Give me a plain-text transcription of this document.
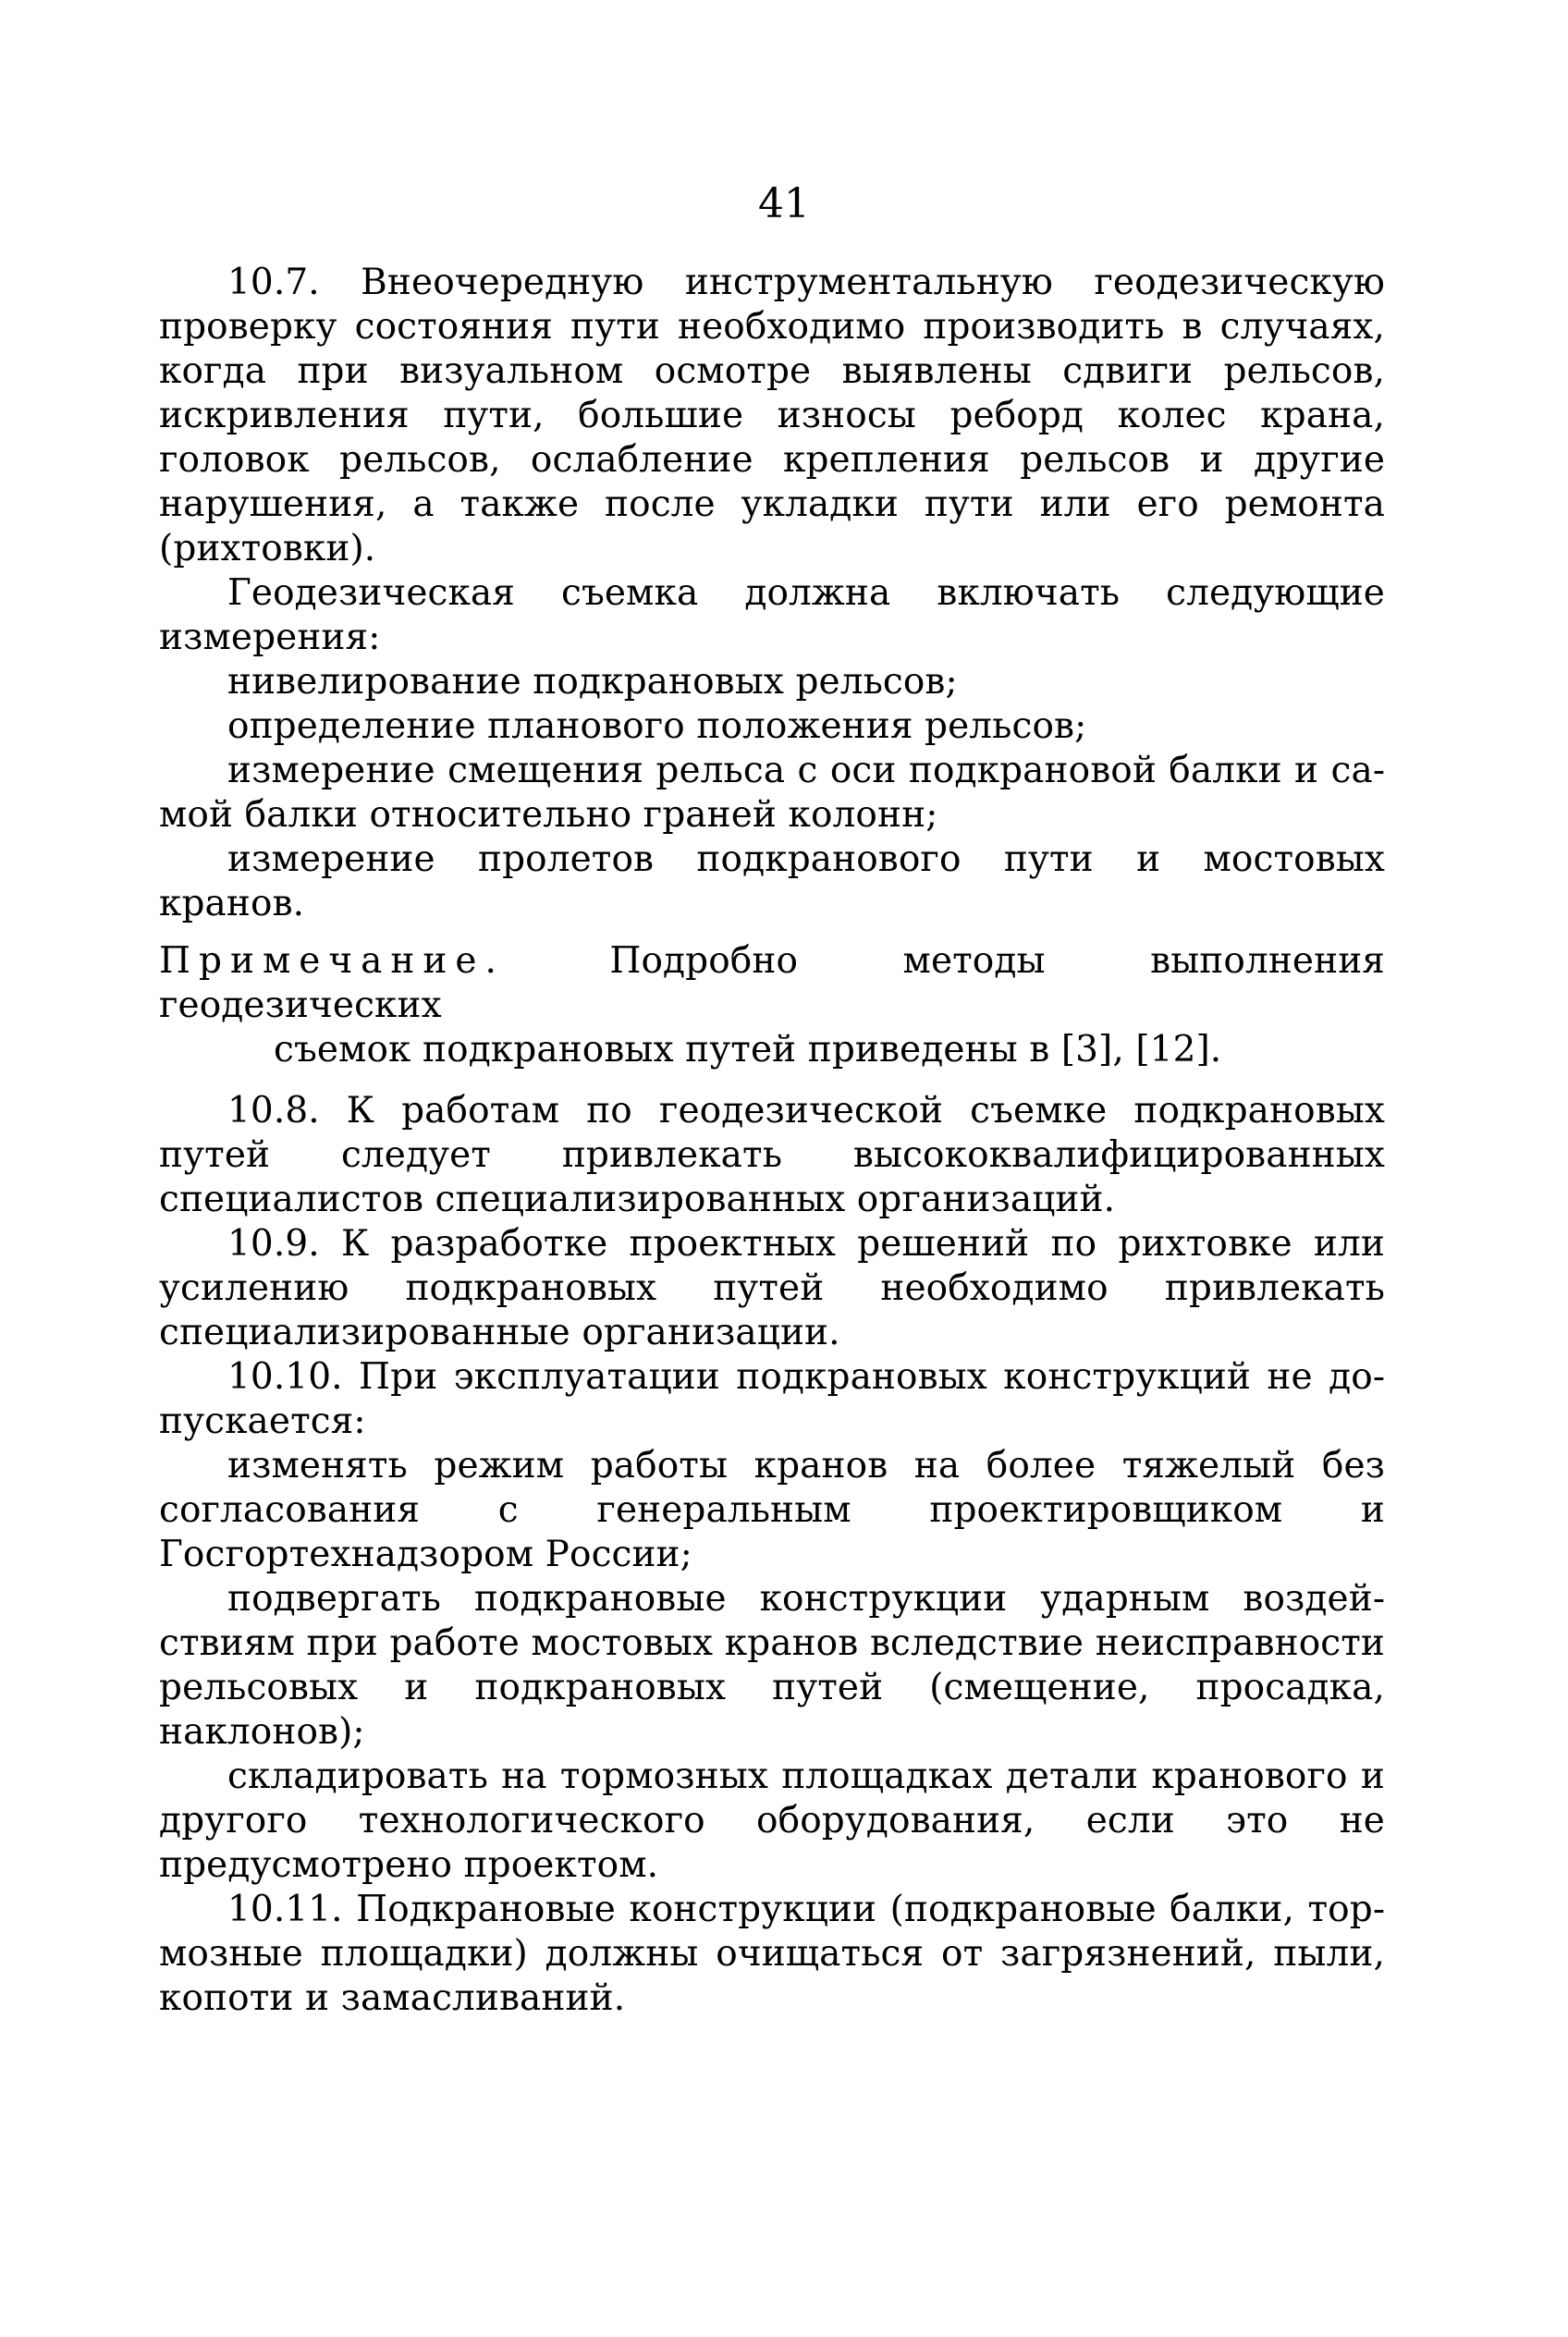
41

10.7. Внеочередную инструментальную геодезическую проверку состояния пути необходимо производить в случаях, когда при визуальном осмотре выявлены сдвиги рельсов, искривления пути, большие износы реборд колес крана, головок рельсов, ослабление крепления рельсов и другие нарушения, а также после укладки пути или его ремонта (рихтовки).

Геодезическая съемка должна включать следующие измерения:

нивелирование подкрановых рельсов;

определение планового положения рельсов;

измерение смещения рельса с оси подкрановой балки и самой балки относительно граней колонн;

измерение пролетов подкранового пути и мостовых кранов.

Примечание.	Подробно методы выполнения геодезических
съемок подкрановых путей приведены в [3], [12].

10.8. К работам по геодезической съемке подкрановых путей следует привлекать высококвалифицированных специалистов специализированных организаций.

10.9. К разработке проектных решений по рихтовке или усилению подкрановых путей необходимо привлекать специализированные организации.

10.10. При эксплуатации подкрановых конструкций не допускается:

изменять режим работы кранов на более тяжелый без согласования с генеральным проектировщиком и Госгортехнадзором России;

подвергать подкрановые конструкции ударным воздействиям при работе мостовых кранов вследствие неисправности рельсовых и подкрановых путей (смещение, просадка, наклонов);

складировать на тормозных площадках детали кранового и другого технологического оборудования, если это не предусмотрено проектом.

10.11. Подкрановые конструкции (подкрановые балки, тормозные площадки) должны очищаться от загрязнений, пыли, копоти и замасливаний.
